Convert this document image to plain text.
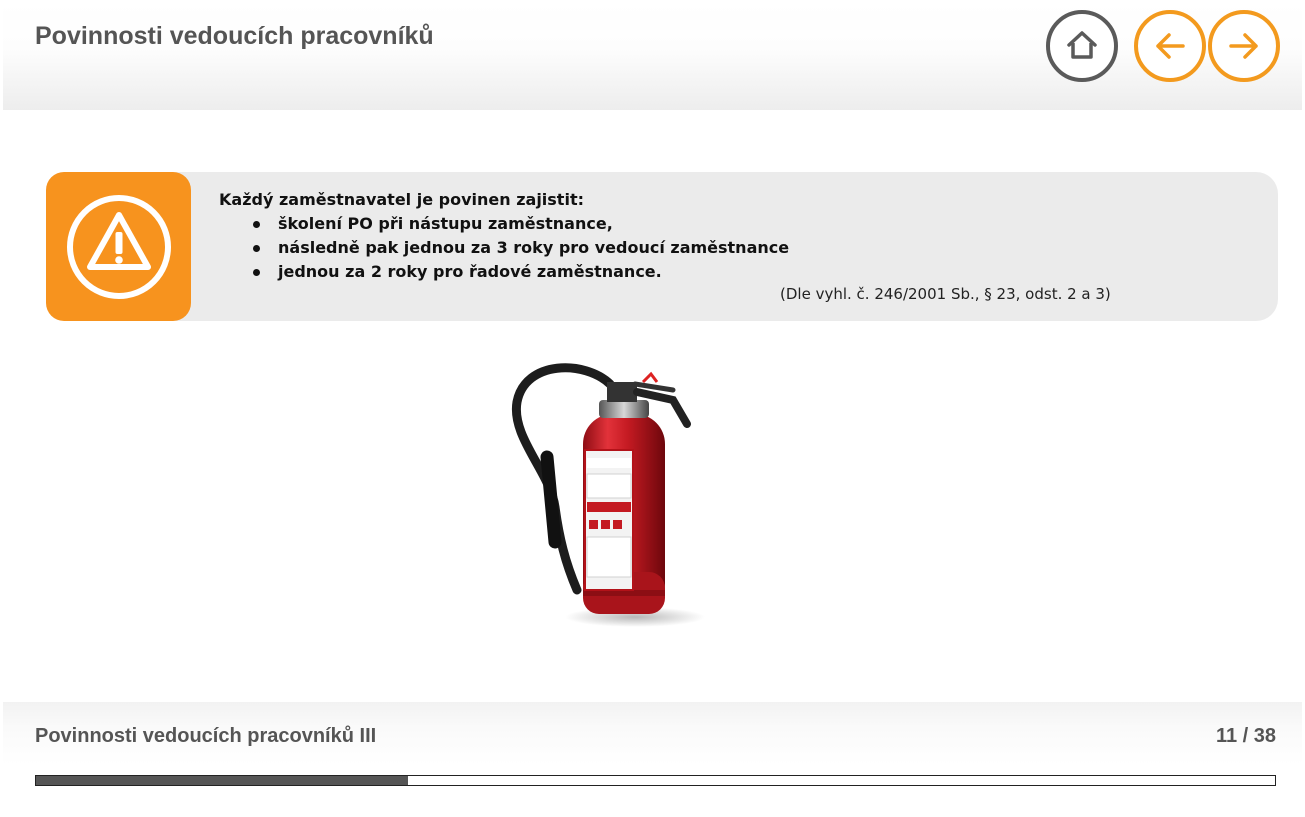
Povinnosti vedoucích pracovníků
Každý zaměstnavatel je povinen zajistit:
školení PO při nástupu zaměstnance,
následně pak jednou za 3 roky pro vedoucí zaměstnance
jednou za 2 roky pro řadové zaměstnance.
(Dle vyhl. č. 246/2001 Sb., § 23, odst. 2 a 3)
Povinnosti vedoucích pracovníků III	11 / 38
